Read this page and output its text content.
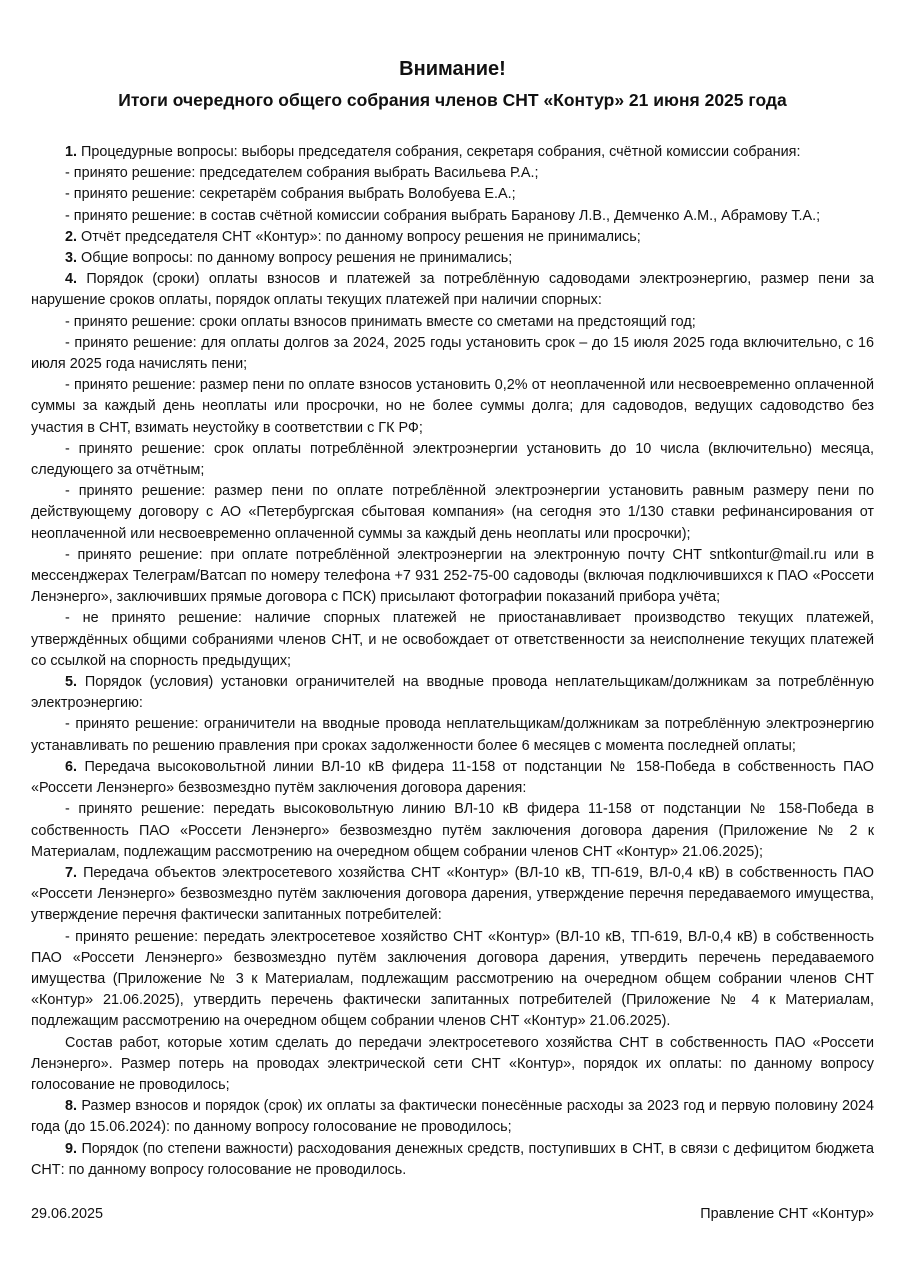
Внимание!
Итоги очередного общего собрания членов СНТ «Контур» 21 июня 2025 года

1. Процедурные вопросы: выборы председателя собрания, секретаря собрания, счётной комиссии собрания:

- принято решение: председателем собрания выбрать Васильева Р.А.;

- принято решение: секретарём собрания выбрать Волобуева Е.А.;

- принято решение: в состав счётной комиссии собрания выбрать Баранову Л.В., Демченко А.М., Абрамову Т.А.;

2. Отчёт председателя СНТ «Контур»: по данному вопросу решения не принимались;

3. Общие вопросы: по данному вопросу решения не принимались;

4. Порядок (сроки) оплаты взносов и платежей за потреблённую садоводами электроэнергию, размер пени за нарушение сроков оплаты, порядок оплаты текущих платежей при наличии спорных:

- принято решение: сроки оплаты взносов принимать вместе со сметами на предстоящий год;

- принято решение: для оплаты долгов за 2024, 2025 годы установить срок – до 15 июля 2025 года включительно, с 16 июля 2025 года начислять пени;

- принято решение: размер пени по оплате взносов установить 0,2% от неоплаченной или несвоевременно оплаченной суммы за каждый день неоплаты или просрочки, но не более суммы долга; для садоводов, ведущих садоводство без участия в СНТ, взимать неустойку в соответствии с ГК РФ;

- принято решение: срок оплаты потреблённой электроэнергии установить до 10 числа (включительно) месяца, следующего за отчётным;

- принято решение: размер пени по оплате потреблённой электроэнергии установить равным размеру пени по действующему договору с АО «Петербургская сбытовая компания» (на сегодня это 1/130 ставки рефинансирования от неоплаченной или несвоевременно оплаченной суммы за каждый день неоплаты или просрочки);

- принято решение: при оплате потреблённой электроэнергии на электронную почту СНТ sntkontur@mail.ru или в мессенджерах Телеграм/Ватсап по номеру телефона +7 931 252-75-00 садоводы (включая подключившихся к ПАО «Россети Ленэнерго», заключивших прямые договора с ПСК) присылают фотографии показаний прибора учёта;

- не принято решение: наличие спорных платежей не приостанавливает производство текущих платежей, утверждённых общими собраниями членов СНТ, и не освобождает от ответственности за неисполнение текущих платежей со ссылкой на спорность предыдущих;

5. Порядок (условия) установки ограничителей на вводные провода неплательщикам/должникам за потреблённую электроэнергию:

- принято решение: ограничители на вводные провода неплательщикам/должникам за потреблённую электроэнергию устанавливать по решению правления при сроках задолженности более 6 месяцев с момента последней оплаты;

6. Передача высоковольтной линии ВЛ-10 кВ фидера 11-158 от подстанции № 158-Победа в собственность ПАО «Россети Ленэнерго» безвозмездно путём заключения договора дарения:

- принято решение: передать высоковольтную линию ВЛ-10 кВ фидера 11-158 от подстанции № 158-Победа в собственность ПАО «Россети Ленэнерго» безвозмездно путём заключения договора дарения (Приложение № 2 к Материалам, подлежащим рассмотрению на очередном общем собрании членов СНТ «Контур» 21.06.2025);

7. Передача объектов электросетевого хозяйства СНТ «Контур» (ВЛ-10 кВ, ТП-619, ВЛ-0,4 кВ) в собственность ПАО «Россети Ленэнерго» безвозмездно путём заключения договора дарения, утверждение перечня передаваемого имущества, утверждение перечня фактически запитанных потребителей:

- принято решение: передать электросетевое хозяйство СНТ «Контур» (ВЛ-10 кВ, ТП-619, ВЛ-0,4 кВ) в собственность ПАО «Россети Ленэнерго» безвозмездно путём заключения договора дарения, утвердить перечень передаваемого имущества (Приложение № 3 к Материалам, подлежащим рассмотрению на очередном общем собрании членов СНТ «Контур» 21.06.2025), утвердить перечень фактически запитанных потребителей (Приложение № 4 к Материалам, подлежащим рассмотрению на очередном общем собрании членов СНТ «Контур» 21.06.2025).

Состав работ, которые хотим сделать до передачи электросетевого хозяйства СНТ в собственность ПАО «Россети Ленэнерго». Размер потерь на проводах электрической сети СНТ «Контур», порядок их оплаты: по данному вопросу голосование не проводилось;

8. Размер взносов и порядок (срок) их оплаты за фактически понесённые расходы за 2023 год и первую половину 2024 года (до 15.06.2024): по данному вопросу голосование не проводилось;

9. Порядок (по степени важности) расходования денежных средств, поступивших в СНТ, в связи с дефицитом бюджета СНТ: по данному вопросу голосование не проводилось.

29.06.2025	Правление СНТ «Контур»
